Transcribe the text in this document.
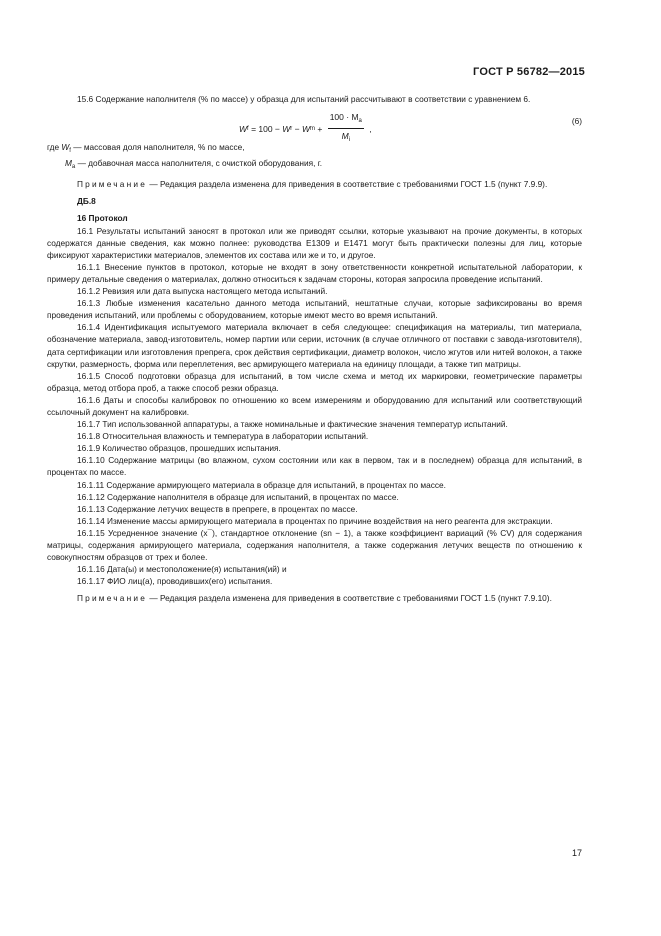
ГОСТ Р 56782—2015

15.6 Содержание наполнителя (% по массе) у образца для испытаний рассчитывают в соответствии с уравнением 6.

W f = 100 − W r − W $m + \frac{100 \cdot M_a}{M_i}$ ,
(6)

где $W_f$ — массовая доля наполнителя, % по массе,

$M_a$ — добавочная масса наполнителя, с очисткой оборудования, г.

Примечание — Редакция раздела изменена для приведения в соответствие с требованиями ГОСТ 1.5 (пункт 7.9.9).

ДБ.8

16 Протокол

16.1 Результаты испытаний заносят в протокол или же приводят ссылки, которые указывают на прочие документы, в которых содержатся данные сведения, как можно полнее: руководства Е1309 и Е1471 могут быть практически полезны для лиц, которые фиксируют характеристики материалов, элементов их состава или же и то, и другое.

16.1.1 Внесение пунктов в протокол, которые не входят в зону ответственности конкретной испытательной лаборатории, к примеру детальные сведения о материалах, должно относиться к задачам стороны, которая запросила проведение испытаний.

16.1.2 Ревизия или дата выпуска настоящего метода испытаний.

16.1.3 Любые изменения касательно данного метода испытаний, нештатные случаи, которые зафиксированы во время проведения испытаний, или проблемы с оборудованием, которые имеют место во время испытаний.

16.1.4 Идентификация испытуемого материала включает в себя следующее: спецификация на материалы, тип материала, обозначение материала, завод-изготовитель, номер партии или серии, источник (в случае отличного от поставки с завода-изготовителя), дата сертификации или изготовления препрега, срок действия сертификации, диаметр волокон, число жгутов или нитей волокон, а также скрутки, размерность, форма или переплетения, вес армирующего материала на единицу площади, а также тип матрицы.

16.1.5 Способ подготовки образца для испытаний, в том числе схема и метод их маркировки, геометрические параметры образца, метод отбора проб, а также способ резки образца.

16.1.6 Даты и способы калибровок по отношению ко всем измерениям и оборудованию для испытаний или соответствующий ссылочный документ на калибровки.

16.1.7 Тип использованной аппаратуры, а также номинальные и фактические значения температур испытаний.

16.1.8 Относительная влажность и температура в лаборатории испытаний.

16.1.9 Количество образцов, прошедших испытания.

16.1.10 Содержание матрицы (во влажном, сухом состоянии или как в первом, так и в последнем) образца для испытаний, в процентах по массе.

16.1.11 Содержание армирующего материала в образце для испытаний, в процентах по массе.

16.1.12 Содержание наполнителя в образце для испытаний, в процентах по массе.

16.1.13 Содержание летучих веществ в препреге, в процентах по массе.

16.1.14 Изменение массы армирующего материала в процентах по причине воздействия на него реагента для экстракции.

16.1.15 Усредненное значение (x¯), стандартное отклонение (sn − 1), а также коэффициент вариаций (% CV) для содержания матрицы, содержания армирующего материала, содержания наполнителя, а также содержания летучих веществ по отношению к совокупностям образцов от трех и более.

16.1.16 Дата(ы) и местоположение(я) испытания(ий) и

16.1.17 ФИО лиц(а), проводивших(его) испытания.

Примечание — Редакция раздела изменена для приведения в соответствие с требованиями ГОСТ 1.5 (пункт 7.9.10).

17
